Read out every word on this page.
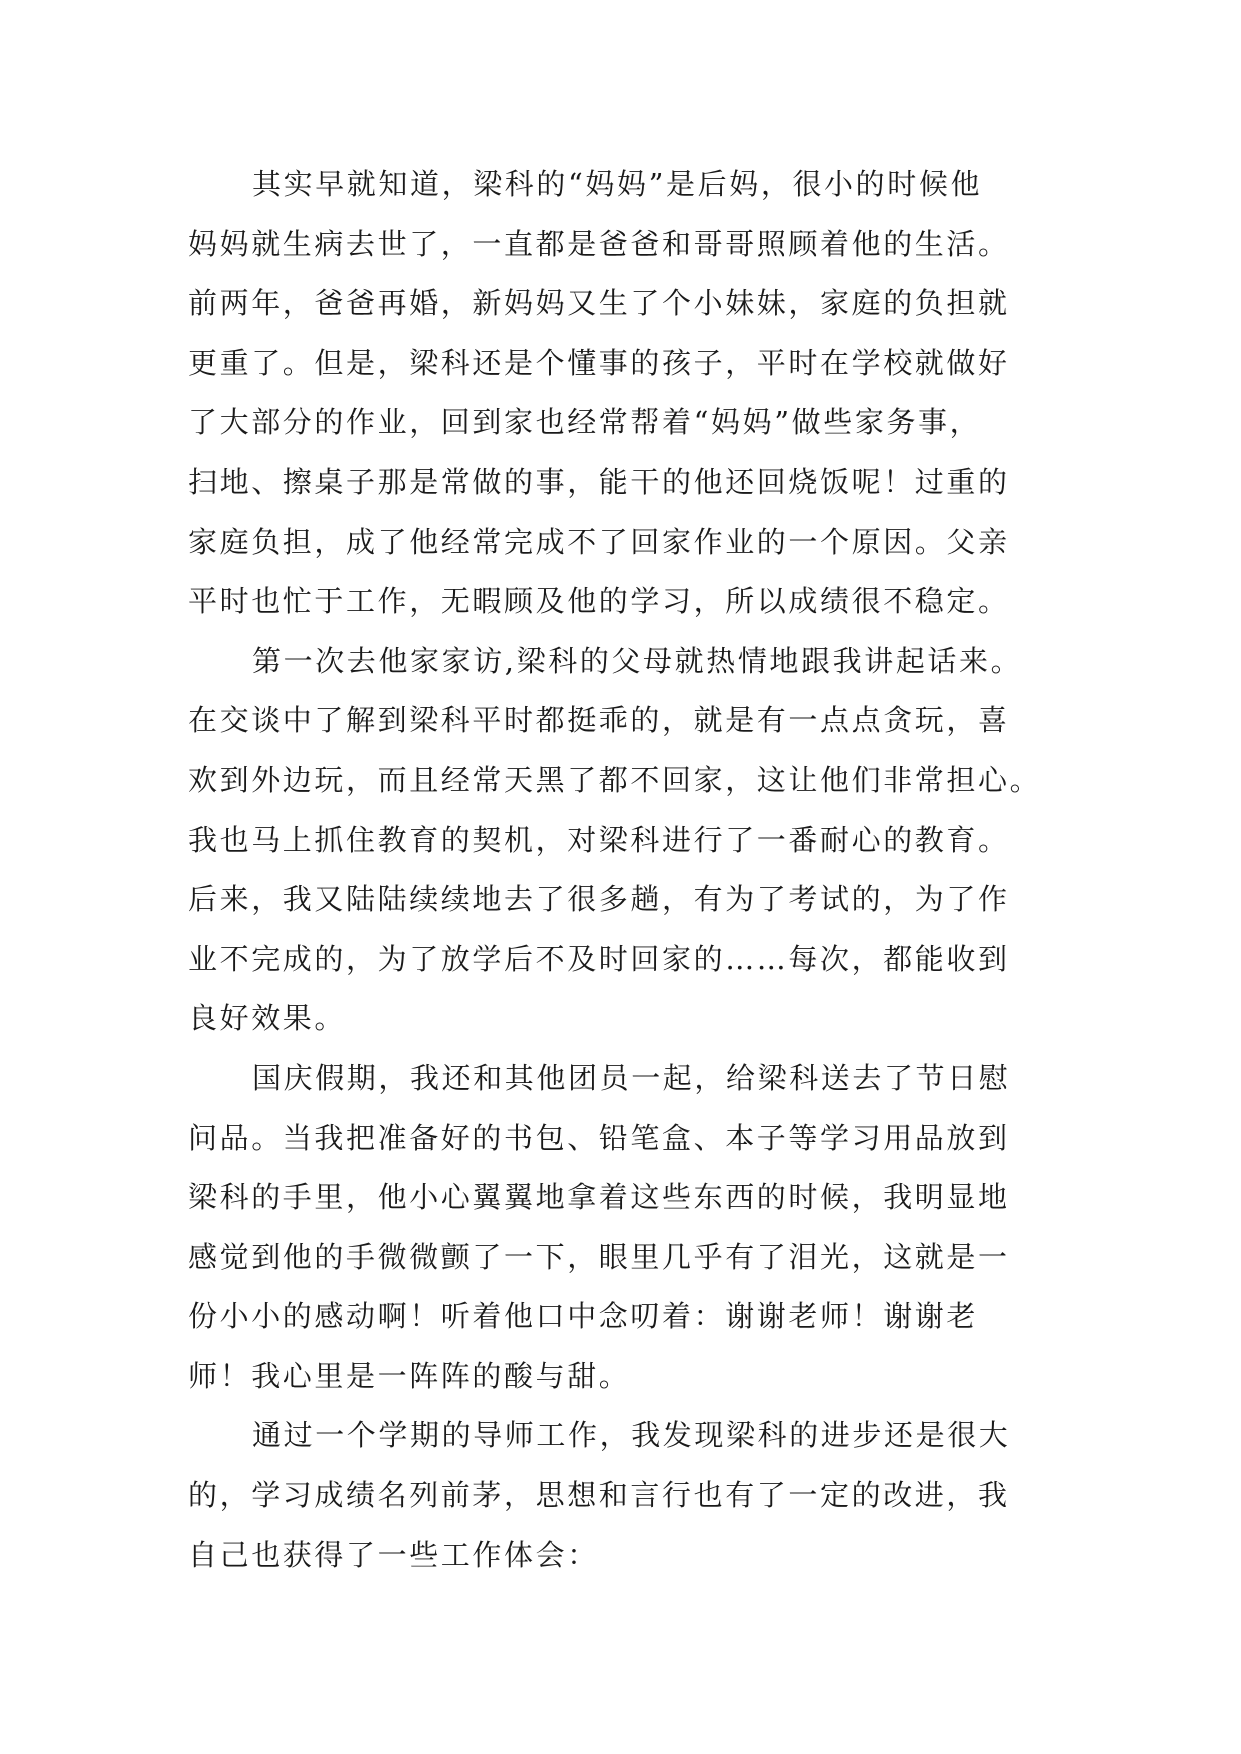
其实早就知道，梁科的“妈妈”是后妈，很小的时候他
妈妈就生病去世了，一直都是爸爸和哥哥照顾着他的生活。
前两年，爸爸再婚，新妈妈又生了个小妹妹，家庭的负担就
更重了。但是，梁科还是个懂事的孩子，平时在学校就做好
了大部分的作业，回到家也经常帮着“妈妈”做些家务事，
扫地、擦桌子那是常做的事，能干的他还回烧饭呢！过重的
家庭负担，成了他经常完成不了回家作业的一个原因。父亲
平时也忙于工作，无暇顾及他的学习，所以成绩很不稳定。
第一次去他家家访,梁科的父母就热情地跟我讲起话来。
在交谈中了解到梁科平时都挺乖的，就是有一点点贪玩，喜
欢到外边玩，而且经常天黑了都不回家，这让他们非常担心。
我也马上抓住教育的契机，对梁科进行了一番耐心的教育。
后来，我又陆陆续续地去了很多趟，有为了考试的，为了作
业不完成的，为了放学后不及时回家的……每次，都能收到
良好效果。
国庆假期，我还和其他团员一起，给梁科送去了节日慰
问品。当我把准备好的书包、铅笔盒、本子等学习用品放到
梁科的手里，他小心翼翼地拿着这些东西的时候，我明显地
感觉到他的手微微颤了一下，眼里几乎有了泪光，这就是一
份小小的感动啊！听着他口中念叨着：谢谢老师！谢谢老
师！我心里是一阵阵的酸与甜。
通过一个学期的导师工作，我发现梁科的进步还是很大
的，学习成绩名列前茅，思想和言行也有了一定的改进，我
自己也获得了一些工作体会：
